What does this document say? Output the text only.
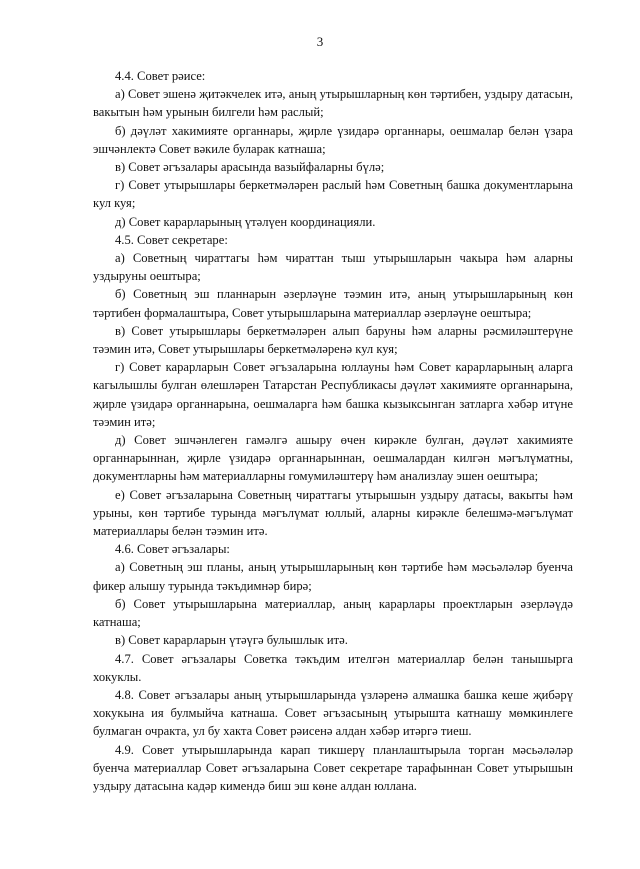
3

4.4. Совет рәисе:

а) Совет эшенә җитәкчелек итә, аның утырышларның көн тәртибен, уздыру датасын, вакытын һәм урынын билгели һәм раслый;

б) дәүләт хакимияте органнары, җирле үзидарә органнары, оешмалар белән үзара эшчәнлектә Совет вәкиле буларак катнаша;

в) Совет әгъзалары арасында вазыйфаларны бүлә;

г) Совет утырышлары беркетмәләрен раслый һәм Советның башка документларына кул куя;

д) Совет карарларының үтәлүен координацияли.

4.5. Совет секретаре:

а) Советның чираттагы һәм чираттан тыш утырышларын чакыра һәм аларны уздыруны оештыра;

б) Советның эш планнарын әзерләүне тәэмин итә, аның утырышларының көн тәртибен формалаштыра, Совет утырышларына материаллар әзерләүне оештыра;

в) Совет утырышлары беркетмәләрен алып баруны һәм аларны рәсмиләштерүне тәэмин итә, Совет утырышлары беркетмәләренә кул куя;

г) Совет карарларын Совет әгъзаларына юллауны һәм Совет карарларының аларга кагылышлы булган өлешләрен Татарстан Республикасы дәүләт хакимияте органнарына, җирле үзидарә органнарына, оешмаларга һәм башка кызыксынган затларга хәбәр итүне тәэмин итә;

д) Совет эшчәнлеген гамәлгә ашыру өчен кирәкле булган, дәүләт хакимияте органнарыннан, җирле үзидарә органнарыннан, оешмалардан килгән мәгълүматны, документларны һәм материалларны гомумиләштерү һәм анализлау эшен оештыра;

е) Совет әгъзаларына Советның чираттагы утырышын уздыру датасы, вакыты һәм урыны, көн тәртибе турында мәгълүмат юллый, аларны кирәкле белешмә-мәгълүмат материаллары белән тәэмин итә.

4.6. Совет әгъзалары:

а) Советның эш планы, аның утырышларының көн тәртибе һәм мәсьәләләр буенча фикер алышу турында тәкъдимнәр бирә;

б) Совет утырышларына материаллар, аның карарлары проектларын әзерләүдә катнаша;

в) Совет карарларын үтәүгә булышлык итә.

4.7. Совет әгъзалары Советка тәкъдим ителгән материаллар белән танышырга хокуклы.

4.8. Совет әгъзалары аның утырышларында үзләренә алмашка башка кеше җибәрү хокукына ия булмыйча катнаша. Совет әгъзасының утырышта катнашу мөмкинлеге булмаган очракта, ул бу хакта Совет рәисенә алдан хәбәр итәргә тиеш.

4.9. Совет утырышларында карап тикшерү планлаштырыла торган мәсьәләләр буенча материаллар Совет әгъзаларына Совет секретаре тарафыннан Совет утырышын уздыру датасына кадәр кимендә биш эш көне алдан юллана.
